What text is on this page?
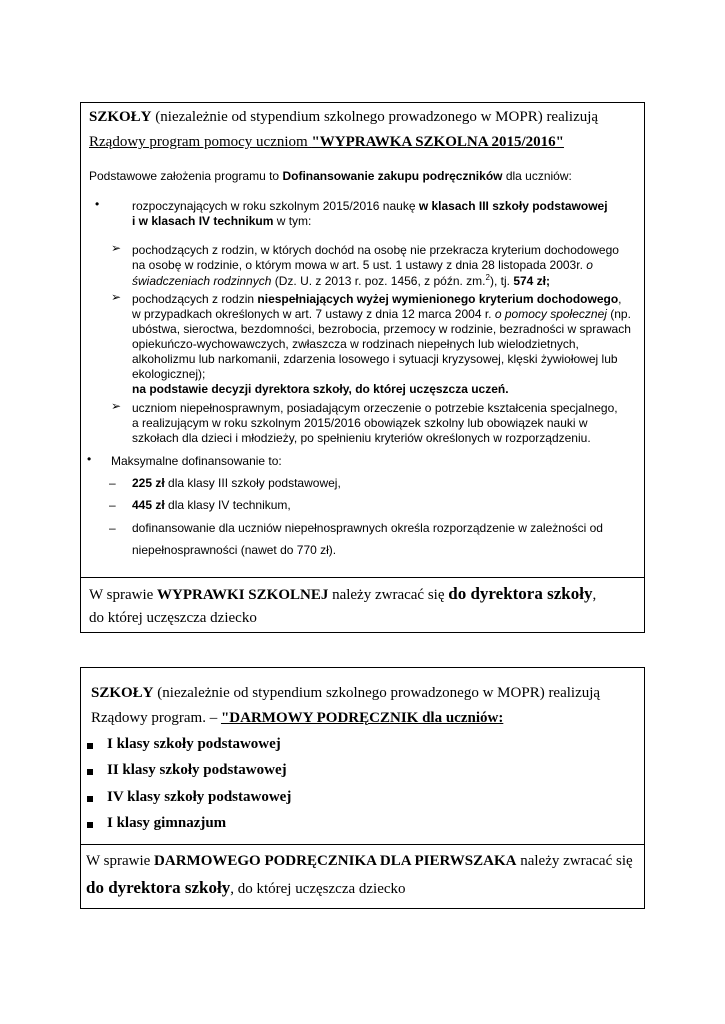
SZKOŁY (niezależnie od stypendium szkolnego prowadzonego w MOPR) realizują
Rządowy program pomocy uczniom "WYPRAWKA SZKOLNA 2015/2016"
Podstawowe założenia programu to Dofinansowanie zakupu podręczników dla uczniów:
•	rozpoczynających w roku szkolnym 2015/2016 naukę w klasach III szkoły podstawowej
i w klasach IV technikum w tym:
➢ pochodzących z rodzin, w których dochód na osobę nie przekracza kryterium dochodowego
na osobę w rodzinie, o którym mowa w art. 5 ust. 1 ustawy z dnia 28 listopada 2003r. o
świadczeniach rodzinnych (Dz. U. z 2013 r. poz. 1456, z późn. zm.$^2$), tj. 574 zł;
➢ pochodzących z rodzin niespełniających wyżej wymienionego kryterium dochodowego,
w przypadkach określonych w art. 7 ustawy z dnia 12 marca 2004 r. o pomocy społecznej (np.
ubóstwa, sieroctwa, bezdomności, bezrobocia, przemocy w rodzinie, bezradności w sprawach
opiekuńczo-wychowawczych, zwłaszcza w rodzinach niepełnych lub wielodzietnych,
alkoholizmu lub narkomanii, zdarzenia losowego i sytuacji kryzysowej, klęski żywiołowej lub
ekologicznej);
na podstawie decyzji dyrektora szkoły, do której uczęszcza uczeń.
➢ uczniom niepełnosprawnym, posiadającym orzeczenie o potrzebie kształcenia specjalnego,
a realizującym w roku szkolnym 2015/2016 obowiązek szkolny lub obowiązek nauki w
szkołach dla dzieci i młodzieży, po spełnieniu kryteriów określonych w rozporządzeniu.
• Maksymalne dofinansowanie to:
– 225 zł dla klasy III szkoły podstawowej,
– 445 zł dla klasy IV technikum,
– dofinansowanie dla uczniów niepełnosprawnych określa rozporządzenie w zależności od
niepełnosprawności (nawet do 770 zł).
W sprawie WYPRAWKI SZKOLNEJ należy zwracać się do dyrektora szkoły,
do której uczęszcza dziecko
SZKOŁY (niezależnie od stypendium szkolnego prowadzonego w MOPR) realizują
Rządowy program. – "DARMOWY PODRĘCZNIK dla uczniów:
I klasy szkoły podstawowej
II klasy szkoły podstawowej
IV klasy szkoły podstawowej
I klasy gimnazjum
W sprawie DARMOWEGO PODRĘCZNIKA DLA PIERWSZAKA należy zwracać się
do dyrektora szkoły, do której uczęszcza dziecko
